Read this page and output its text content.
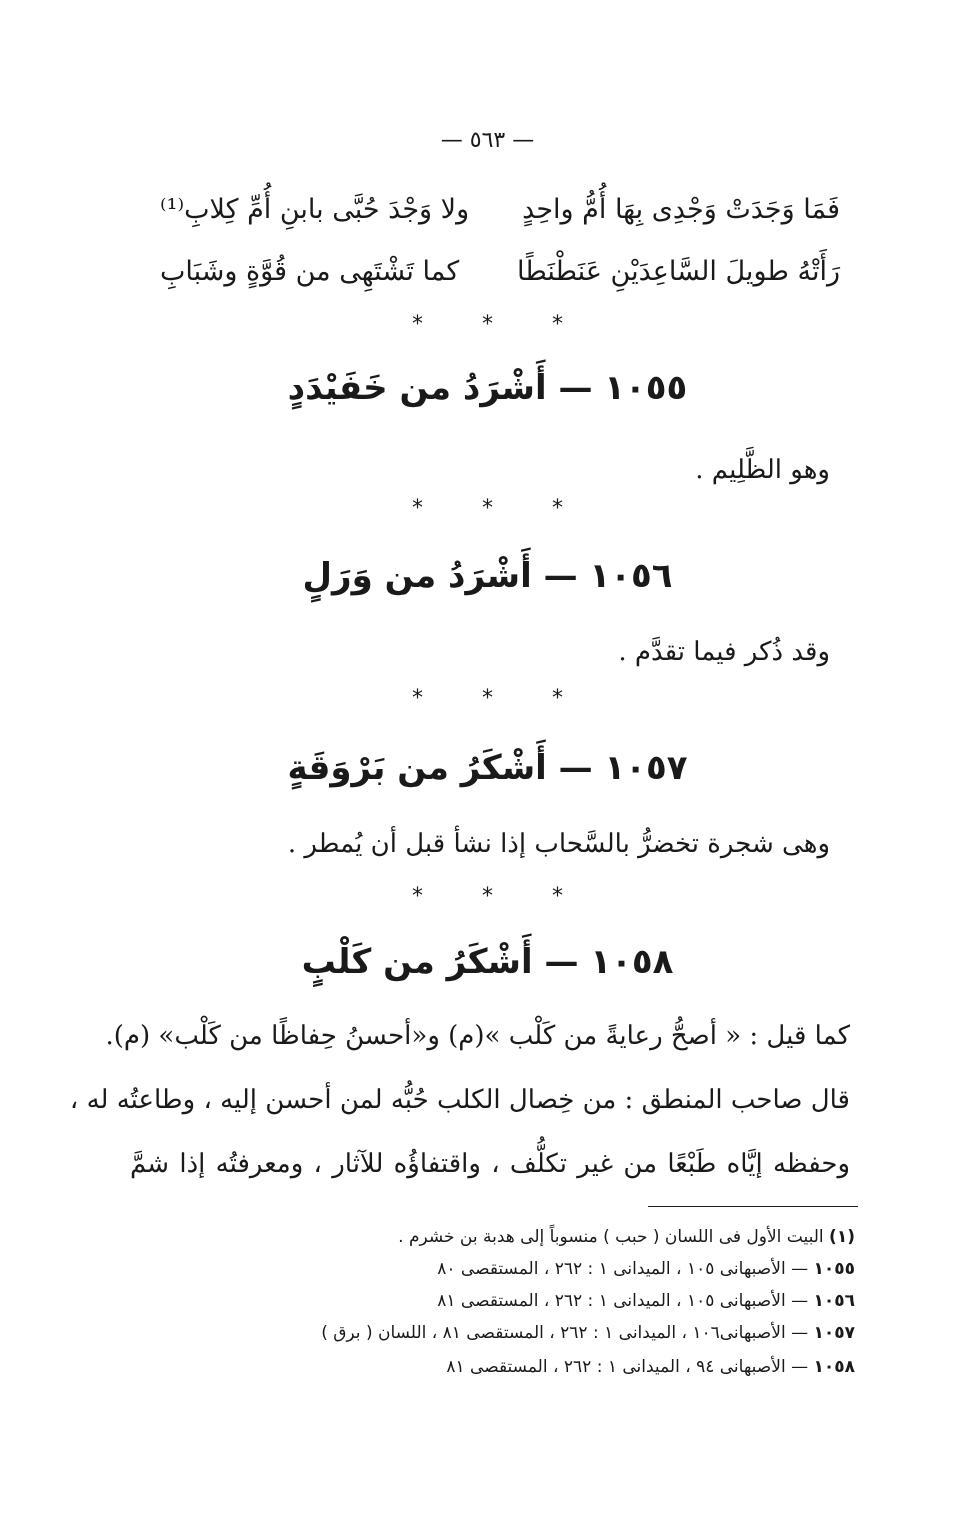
— ٥٦٣ —
فَمَا وَجَدَتْ وَجْدِى بِهَا أُمُّ واحِدٍ
ولا وَجْدَ حُبَّى بابنِ أُمِّ كِلابِ⁽¹⁾
رَأَتْهُ طويلَ السَّاعِدَيْنِ عَنَطْنَطًا
كما تَشْتَهِى من قُوَّةٍ وشَبَابِ
* * *
١٠٥٥ — أَشْرَدُ من خَفَيْدَدٍ
وهو الظَّلِيم .
* * *
١٠٥٦ — أَشْرَدُ من وَرَلٍ
وقد ذُكر فيما تقدَّم .
* * *
١٠٥٧ — أَشْكَرُ من بَرْوَقَةٍ
وهى شجرة تخضرُّ بالسَّحاب إذا نشأ قبل أن يُمطر .
* * *
١٠٥٨ — أَشْكَرُ من كَلْبٍ
كما قيل : « أصحُّ رعايةً من كَلْب »(م) و«أحسنُ حِفاظًا من كَلْب» (م).
قال صاحب المنطق : من خِصال الكلب حُبُّه لمن أحسن إليه ، وطاعتُه له ،
وحفظه إيَّاه طَبْعًا من غير تكلُّف ، واقتفاؤُه للآثار ، ومعرفتُه إذا شمَّ
(١) البيت الأول فى اللسان ( حبب ) منسوباً إلى هدبة بن خشرم .
١٠٥٥ — الأصبهانى ١٠٥ ، الميدانى ١ : ٢٦٢ ، المستقصى ٨٠
١٠٥٦ — الأصبهانى ١٠٥ ، الميدانى ١ : ٢٦٢ ، المستقصى ٨١
١٠٥٧ — الأصبهانى١٠٦ ، الميدانى ١ : ٢٦٢ ، المستقصى ٨١ ، اللسان ( برق )
١٠٥٨ — الأصبهانى ٩٤ ، الميدانى ١ : ٢٦٢ ، المستقصى ٨١
